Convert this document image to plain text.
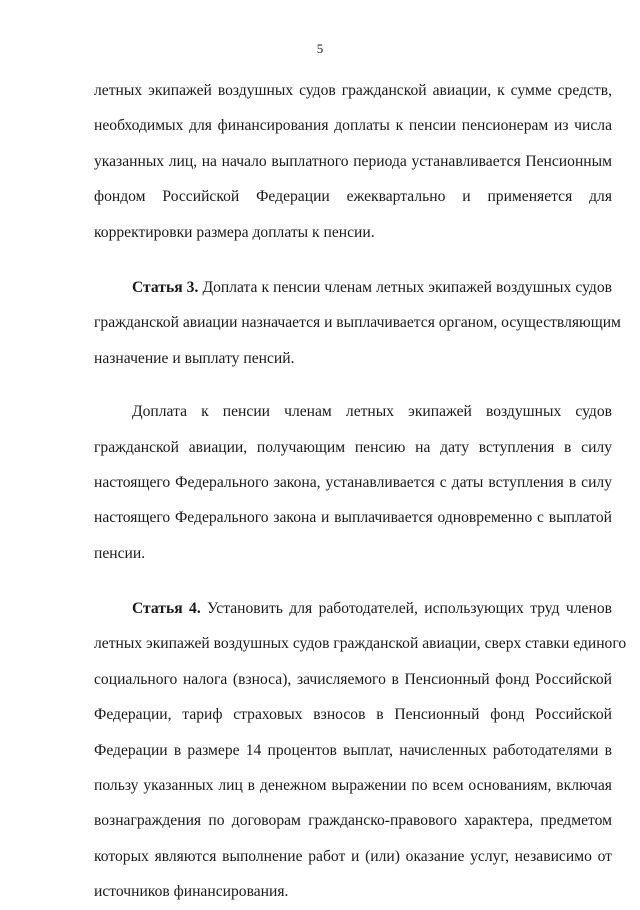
5
летных экипажей воздушных судов гражданской авиации, к сумме средств,
необходимых для финансирования доплаты к пенсии пенсионерам из числа
указанных лиц, на начало выплатного периода устанавливается Пенсионным
фондом Российской Федерации ежеквартально и применяется для
корректировки размера доплаты к пенсии.
Статья 3. Доплата к пенсии членам летных экипажей воздушных судов
гражданской авиации назначается и выплачивается органом, осуществляющим
назначение и выплату пенсий.
Доплата к пенсии членам летных экипажей воздушных судов
гражданской авиации, получающим пенсию на дату вступления в силу
настоящего Федерального закона, устанавливается с даты вступления в силу
настоящего Федерального закона и выплачивается одновременно с выплатой
пенсии.
Статья 4. Установить для работодателей, использующих труд членов
летных экипажей воздушных судов гражданской авиации, сверх ставки единого
социального налога (взноса), зачисляемого в Пенсионный фонд Российской
Федерации, тариф страховых взносов в Пенсионный фонд Российской
Федерации в размере 14 процентов выплат, начисленных работодателями в
пользу указанных лиц в денежном выражении по всем основаниям, включая
вознаграждения по договорам гражданско-правового характера, предметом
которых являются выполнение работ и (или) оказание услуг, независимо от
источников финансирования.
